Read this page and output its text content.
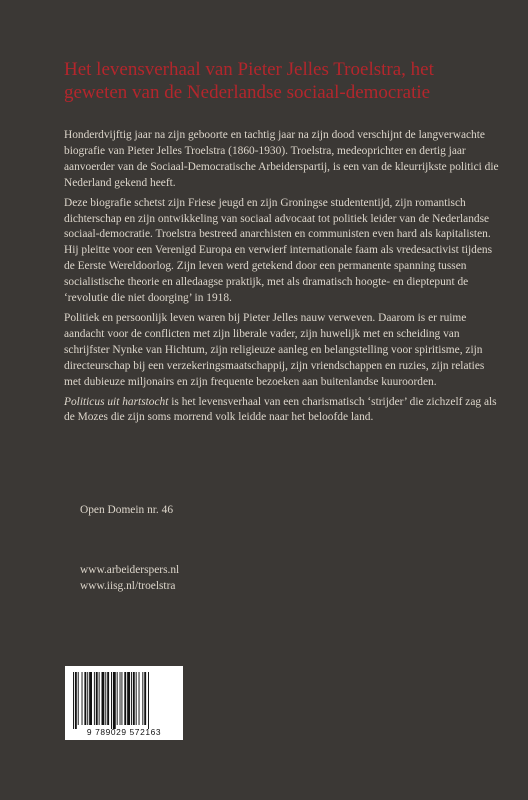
Het levensverhaal van Pieter Jelles Troelstra, het
geweten van de Nederlandse sociaal-democratie

Honderdvijftig jaar na zijn geboorte en tachtig jaar na zijn dood verschijnt de langverwachte biografie van Pieter Jelles Troelstra (1860-1930). Troelstra, medeoprichter en dertig jaar aanvoerder van de Sociaal-Democratische Arbeiderspartij, is een van de kleurrijkste politici die Nederland gekend heeft.

Deze biografie schetst zijn Friese jeugd en zijn Groningse studententijd, zijn romantisch dichterschap en zijn ontwikkeling van sociaal advocaat tot politiek leider van de Nederlandse sociaal-democratie. Troelstra bestreed anarchisten en communisten even hard als kapitalisten. Hij pleitte voor een Verenigd Europa en verwierf internationale faam als vredesactivist tijdens de Eerste Wereldoorlog. Zijn leven werd getekend door een permanente spanning tussen socialistische theorie en alledaagse praktijk, met als dramatisch hoogte- en dieptepunt de ‘revolutie die niet doorging’ in 1918.

Politiek en persoonlijk leven waren bij Pieter Jelles nauw verweven. Daarom is er ruime aandacht voor de conflicten met zijn liberale vader, zijn huwelijk met en scheiding van schrijfster Nynke van Hichtum, zijn religieuze aanleg en belangstelling voor spiritisme, zijn directeurschap bij een verzekeringsmaatschappij, zijn vriendschappen en ruzies, zijn relaties met dubieuze miljonairs en zijn frequente bezoeken aan buitenlandse kuuroorden.

Politicus uit hartstocht is het levensverhaal van een charismatisch ‘strijder’ die zichzelf zag als de Mozes die zijn soms morrend volk leidde naar het beloofde land.

Open Domein nr. 46
www.arbeiderspers.nl
www.iisg.nl/troelstra
9 789029 572163
